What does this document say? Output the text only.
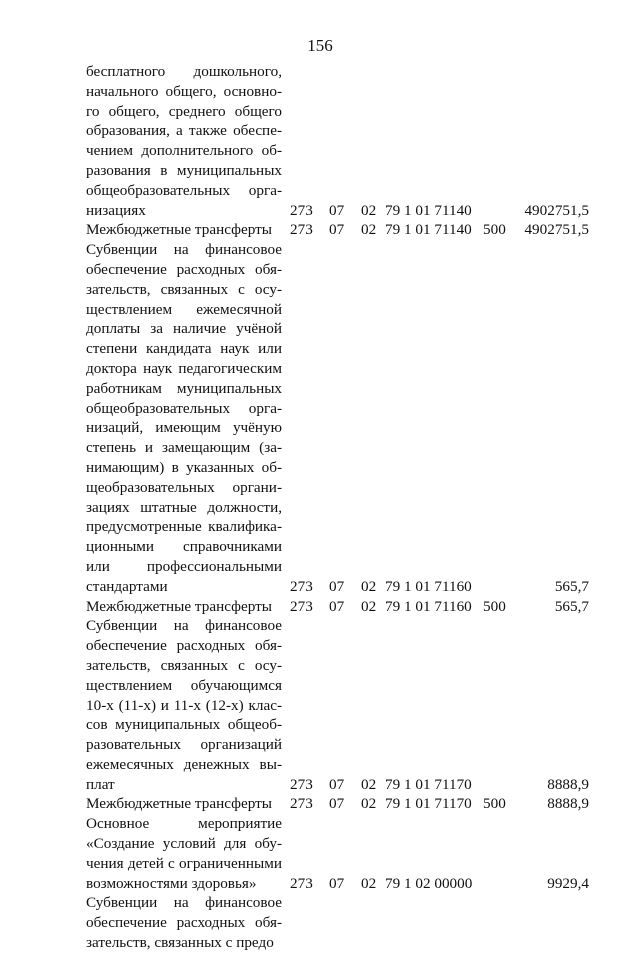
156
бесплатного дошкольного, начального общего, основного общего, среднего общего образования, а также обеспечением дополнительного образования в муниципальных общеобразовательных организациях	273	07	02 79 1 01 71140	4902751,5
Межбюджетные трансферты	273	07	02 79 1 01 71140 500	4902751,5
Субвенции на финансовое обеспечение расходных обязательств, связанных с осуществлением ежемесячной доплаты за наличие учёной степени кандидата наук или доктора наук педагогическим работникам муниципальных общеобразовательных организаций, имеющим учёную степень и замещающим (занимающим) в указанных общеобразовательных организациях штатные должности, предусмотренные квалификационными справочниками или профессиональными стандартами	273	07	02 79 1 01 71160	565,7
Межбюджетные трансферты	273	07	02 79 1 01 71160 500	565,7
Субвенции на финансовое обеспечение расходных обязательств, связанных с осуществлением обучающимся 10-х (11-х) и 11-х (12-х) классов муниципальных общеобразовательных организаций ежемесячных денежных выплат	273	07	02 79 1 01 71170	8888,9
Межбюджетные трансферты	273	07	02 79 1 01 71170 500	8888,9
Основное мероприятие «Создание условий для обучения детей с ограниченными возможностями здоровья»	273	07	02 79 1 02 00000	9929,4
Субвенции на финансовое обеспечение расходных обязательств, связанных с предо
